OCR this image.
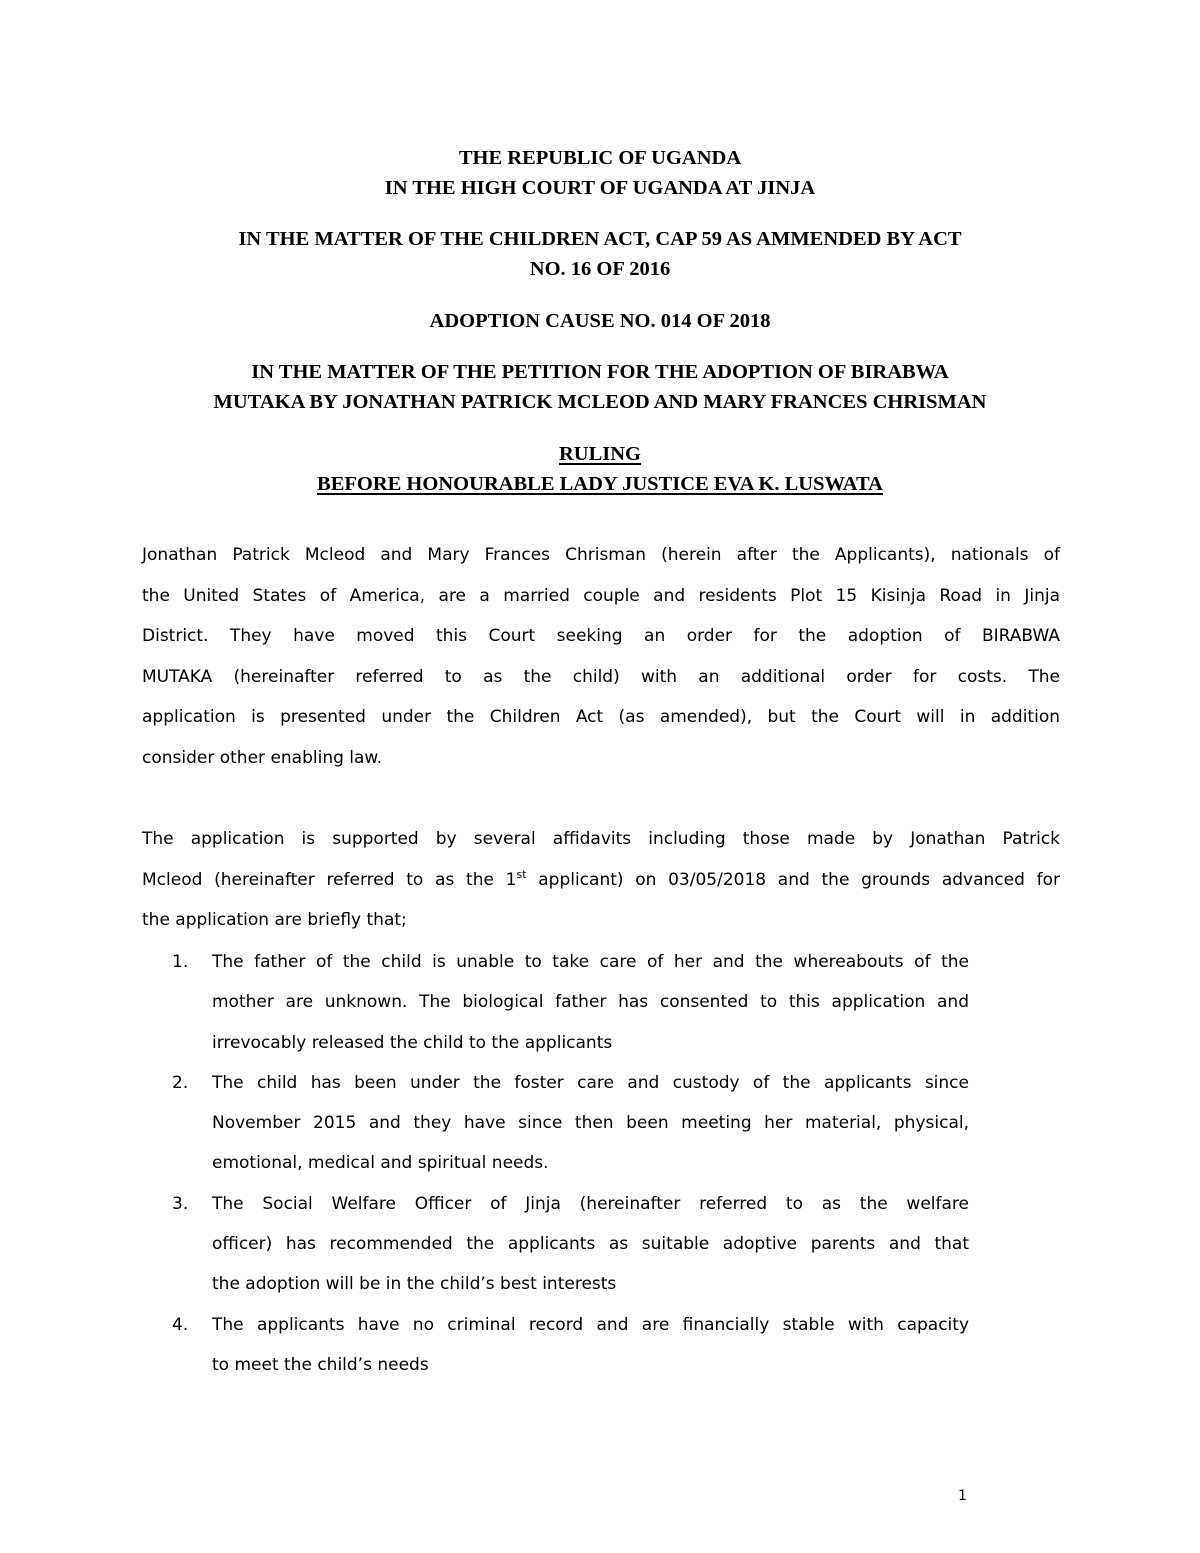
THE REPUBLIC OF UGANDA
IN THE HIGH COURT OF UGANDA AT JINJA
IN THE MATTER OF THE CHILDREN ACT, CAP 59 AS AMMENDED BY ACT
NO. 16 OF 2016
ADOPTION CAUSE NO. 014 OF 2018
IN THE MATTER OF THE PETITION FOR THE ADOPTION OF BIRABWA
MUTAKA BY JONATHAN PATRICK MCLEOD AND MARY FRANCES CHRISMAN
RULING
BEFORE HONOURABLE LADY JUSTICE EVA K. LUSWATA
Jonathan Patrick Mcleod and Mary Frances Chrisman (herein after the Applicants), nationals of
the United States of America, are a married couple and residents Plot 15 Kisinja Road in Jinja
District. They have moved this Court seeking an order for the adoption of BIRABWA
MUTAKA (hereinafter referred to as the child) with an additional order for costs. The
application is presented under the Children Act (as amended), but the Court will in addition
consider other enabling law.
The application is supported by several affidavits including those made by Jonathan Patrick
Mcleod (hereinafter referred to as the 1st applicant) on 03/05/2018 and the grounds advanced for
the application are briefly that;
1. The father of the child is unable to take care of her and the whereabouts of the
mother are unknown. The biological father has consented to this application and
irrevocably released the child to the applicants
2. The child has been under the foster care and custody of the applicants since
November 2015 and they have since then been meeting her material, physical,
emotional, medical and spiritual needs.
3. The Social Welfare Officer of Jinja (hereinafter referred to as the welfare
officer) has recommended the applicants as suitable adoptive parents and that
the adoption will be in the child’s best interests
4. The applicants have no criminal record and are financially stable with capacity
to meet the child’s needs
1
